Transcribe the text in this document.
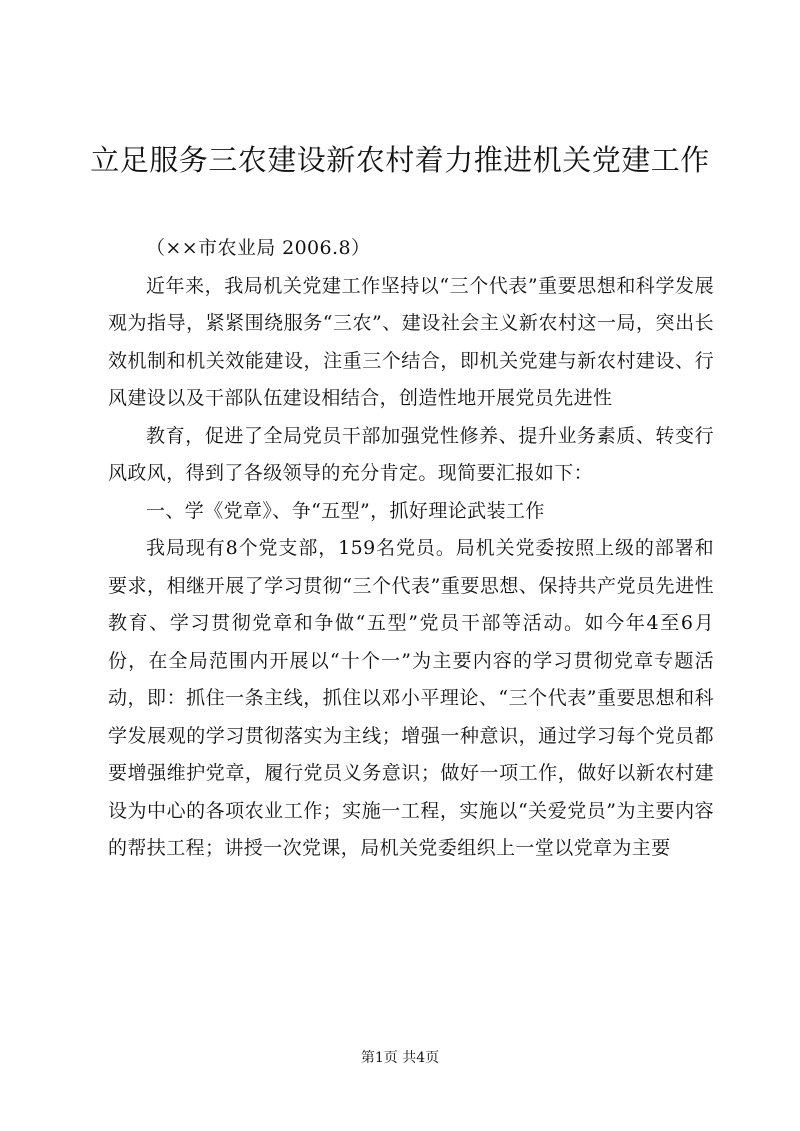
立足服务三农建设新农村着力推进机关党建工作

（××市农业局 2006.8）

近年来，我局机关党建工作坚持以“三个代表”重要思想和科学发展观为指导，紧紧围绕服务“三农”、建设社会主义新农村这一局，突出长效机制和机关效能建设，注重三个结合，即机关党建与新农村建设、行风建设以及干部队伍建设相结合，创造性地开展党员先进性

教育，促进了全局党员干部加强党性修养、提升业务素质、转变行风政风，得到了各级领导的充分肯定。现简要汇报如下：

一、学《党章》、争“五型”，抓好理论武装工作

我局现有8个党支部，159名党员。局机关党委按照上级的部署和要求，相继开展了学习贯彻“三个代表”重要思想、保持共产党员先进性教育、学习贯彻党章和争做“五型”党员干部等活动。如今年4至6月份，在全局范围内开展以“十个一”为主要内容的学习贯彻党章专题活动，即：抓住一条主线，抓住以邓小平理论、“三个代表”重要思想和科学发展观的学习贯彻落实为主线；增强一种意识，通过学习每个党员都要增强维护党章，履行党员义务意识；做好一项工作，做好以新农村建设为中心的各项农业工作；实施一工程，实施以“关爱党员”为主要内容的帮扶工程；讲授一次党课，局机关党委组织上一堂以党章为主要

第1页 共4页
